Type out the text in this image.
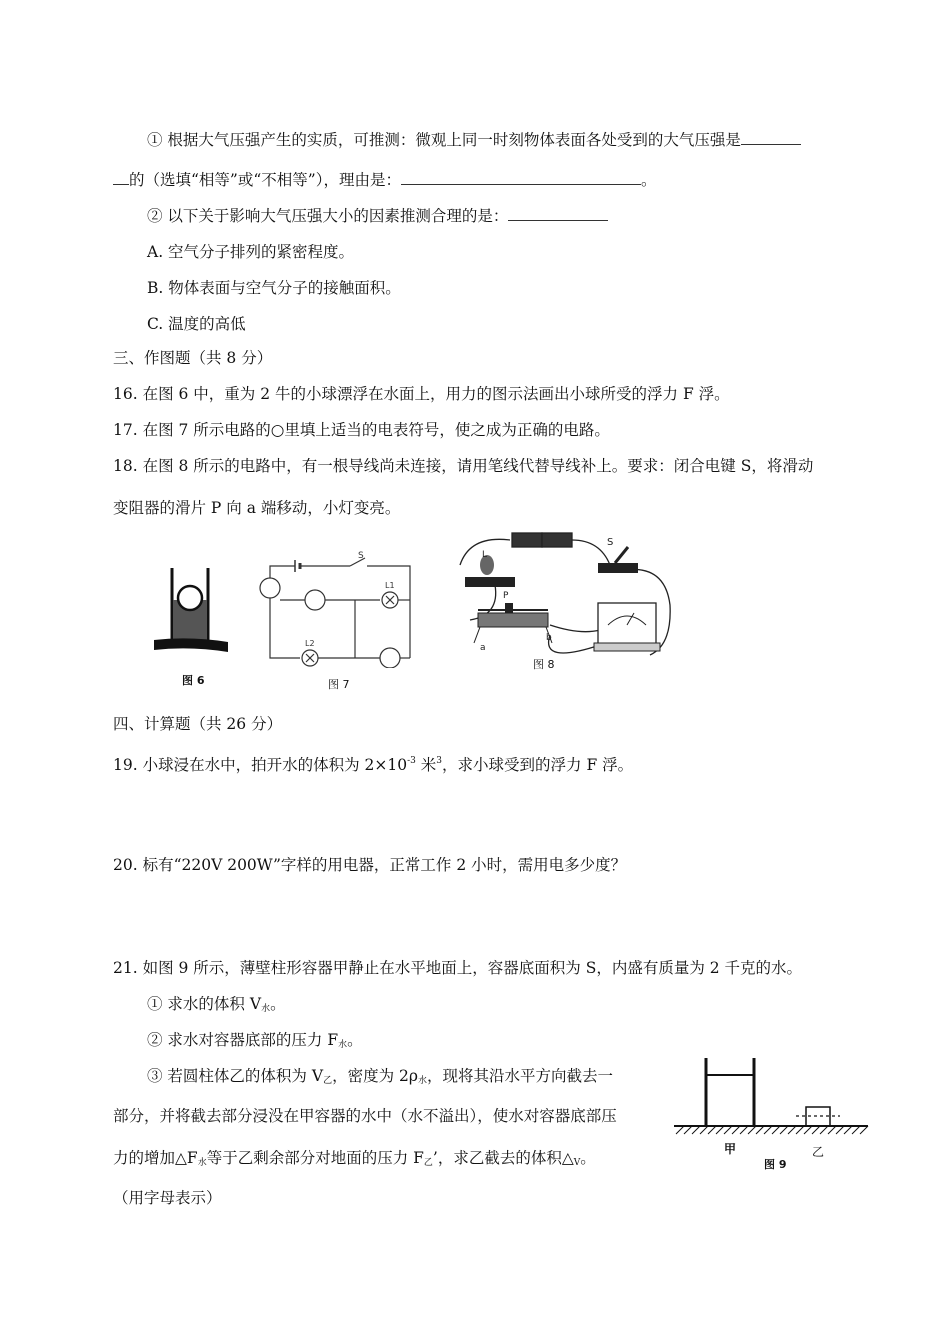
① 根据大气压强产生的实质，可推测：微观上同一时刻物体表面各处受到的大气压强是
的（选填“相等”或“不相等”），理由是：	。
② 以下关于影响大气压强大小的因素推测合理的是：
A. 空气分子排列的紧密程度。
B. 物体表面与空气分子的接触面积。
C. 温度的高低
三、作图题（共 8 分）
16. 在图 6 中，重为 2 牛的小球漂浮在水面上，用力的图示法画出小球所受的浮力 F 浮。
17. 在图 7 所示电路的○里填上适当的电表符号，使之成为正确的电路。
18. 在图 8 所示的电路中，有一根导线尚未连接，请用笔线代替导线补上。要求：闭合电键 S，将滑动
变阻器的滑片 P 向 a 端移动，小灯变亮。
图 6
S
L1
L2
图 7
L
S
P
a
b
图 8
四、计算题（共 26 分）
19. 小球浸在水中，拍开水的体积为 $2\times 10^{-3}$ 米$^3$，求小球受到的浮力 F 浮。
20. 标有“220V 200W”字样的用电器，正常工作 2 小时，需用电多少度？
21. 如图 9 所示，薄壁柱形容器甲静止在水平地面上，容器底面积为 S，内盛有质量为 2 千克的水。
① 求水的体积 $V_水$。
② 求水对容器底部的压力 $F_水$。
③ 若圆柱体乙的体积为 $V_乙$，密度为 $2\rho_水$，现将其沿水平方向截去一
部分，并将截去部分浸没在甲容器的水中（水不溢出），使水对容器底部压
力的增加$\triangle F_水$等于乙剩余部分对地面的压力 $F_乙$’，求乙截去的体积$\triangle_V$。
（用字母表示）
甲	乙
图 9
